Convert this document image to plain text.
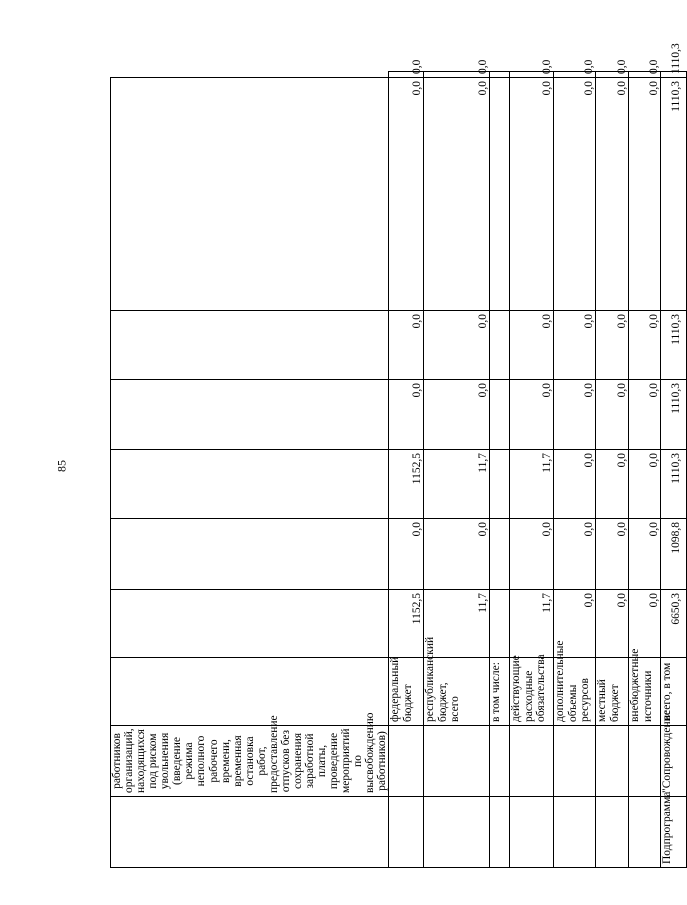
85
	работников организаций, находящихся под риском увольнения (введение режима неполного рабочего времени, временная остановка работ, предоставление отпусков без сохранения заработной платы, проведение мероприятий по высвобождению работников)								
		федеральный бюджет	1152,5	0,0	1152,5	0,0	0,0	0,0	0,0
		республиканский бюджет, всего	11,7	0,0	11,7	0,0	0,0	0,0	0,0
		в том числе:							
		действующие расходные обязательства	11,7	0,0	11,7	0,0	0,0	0,0	0,0
		дополнительные объемы ресурсов	0,0	0,0	0,0	0,0	0,0	0,0	0,0
		местный бюджет	0,0	0,0	0,0	0,0	0,0	0,0	0,0
		внебюджетные источники	0,0	0,0	0,0	0,0	0,0	0,0	0,0
Подпрограмма	"Сопровождение	всего, в том	6650,3	1098,8	1110,3	1110,3	1110,3	1110,3	1110,3
